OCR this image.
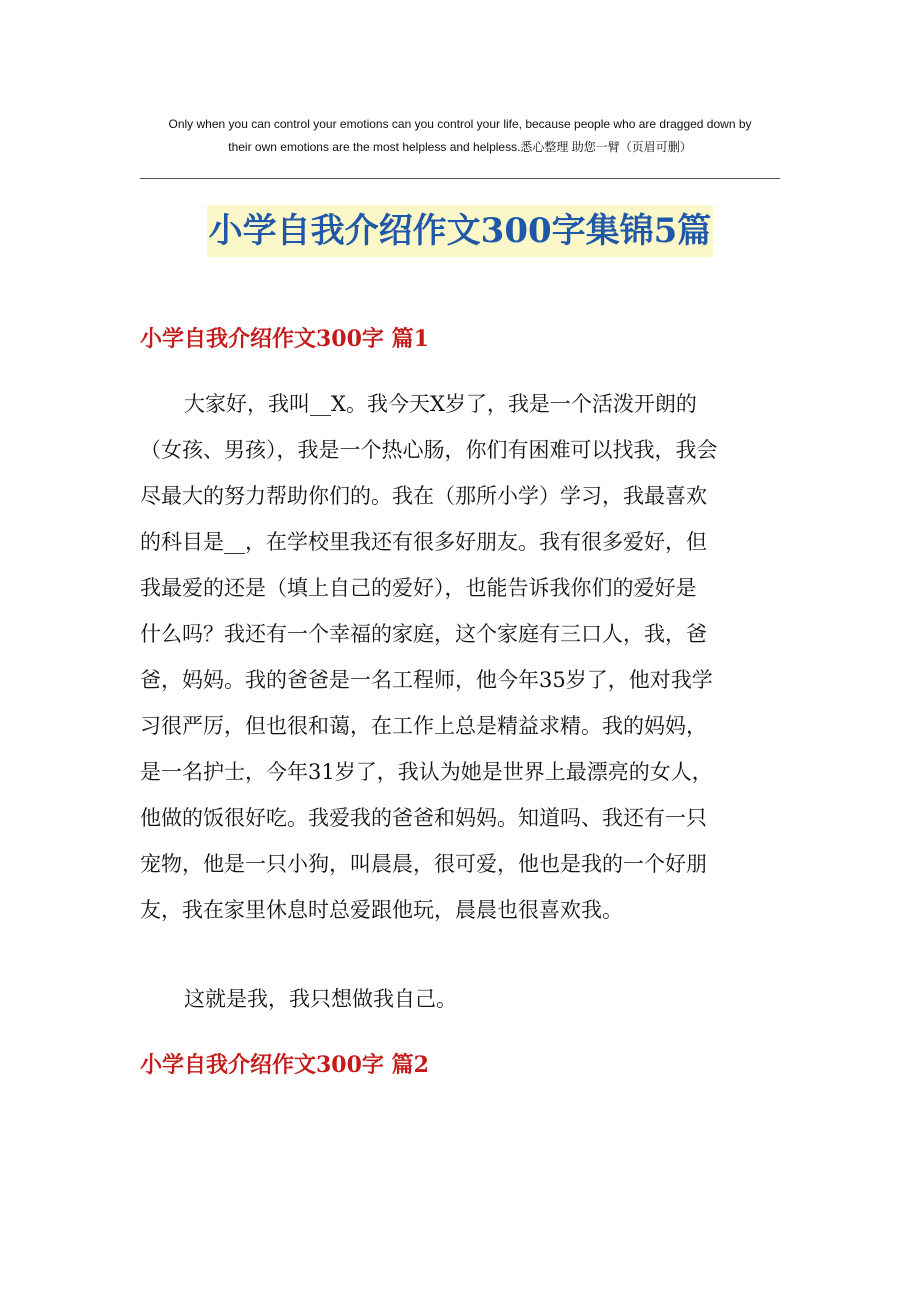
Only when you can control your emotions can you control your life, because people who are dragged down by
their own emotions are the most helpless and helpless.悉心整理 助您一臂（页眉可删）
小学自我介绍作文300字集锦5篇
小学自我介绍作文300字 篇1
大家好，我叫__X。我今天X岁了，我是一个活泼开朗的
（女孩、男孩），我是一个热心肠，你们有困难可以找我，我会
尽最大的努力帮助你们的。我在（那所小学）学习，我最喜欢
的科目是__，在学校里我还有很多好朋友。我有很多爱好，但
我最爱的还是（填上自己的爱好），也能告诉我你们的爱好是
什么吗？我还有一个幸福的家庭，这个家庭有三口人，我，爸
爸，妈妈。我的爸爸是一名工程师，他今年35岁了，他对我学
习很严厉，但也很和蔼，在工作上总是精益求精。我的妈妈，
是一名护士，今年31岁了，我认为她是世界上最漂亮的女人，
他做的饭很好吃。我爱我的爸爸和妈妈。知道吗、我还有一只
宠物，他是一只小狗，叫晨晨，很可爱，他也是我的一个好朋
友，我在家里休息时总爱跟他玩，晨晨也很喜欢我。
这就是我，我只想做我自己。
小学自我介绍作文300字 篇2
